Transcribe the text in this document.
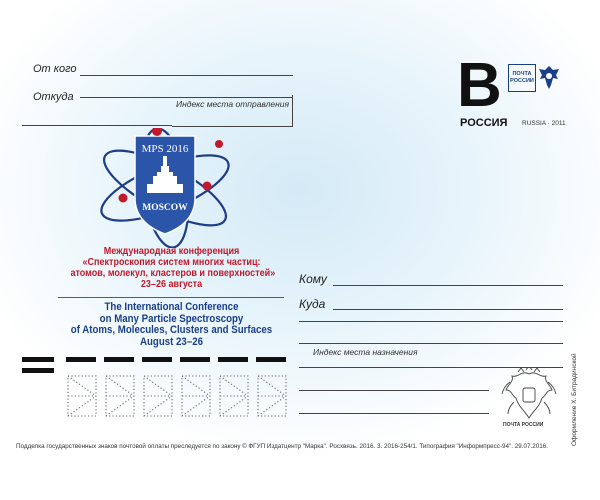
От кого
Откуда
Индекс места отправления	B	ПОЧТА РОССИИ
РОССИЯ RUSSIA · 2011
MPS 2016
MOSCOW
Международная конференция
«Спектроскопия систем многих частиц:
атомов, молекул, кластеров и поверхностей»
23–26 августа
The International Conference
on Many Particle Spectroscopy
of Atoms, Molecules, Clusters and Surfaces
August 23–26
Кому
Куда
Индекс места назначения
ПОЧТА РОССИИ
Подделка государственных знаков почтовой оплаты преследуется по закону © ФГУП Издатцентр "Марка". Росхвязь. 2016. 3. 2016-254/1. Типография "Информпресс-94". 29.07.2016.
Оформление Х. Битрадинской
